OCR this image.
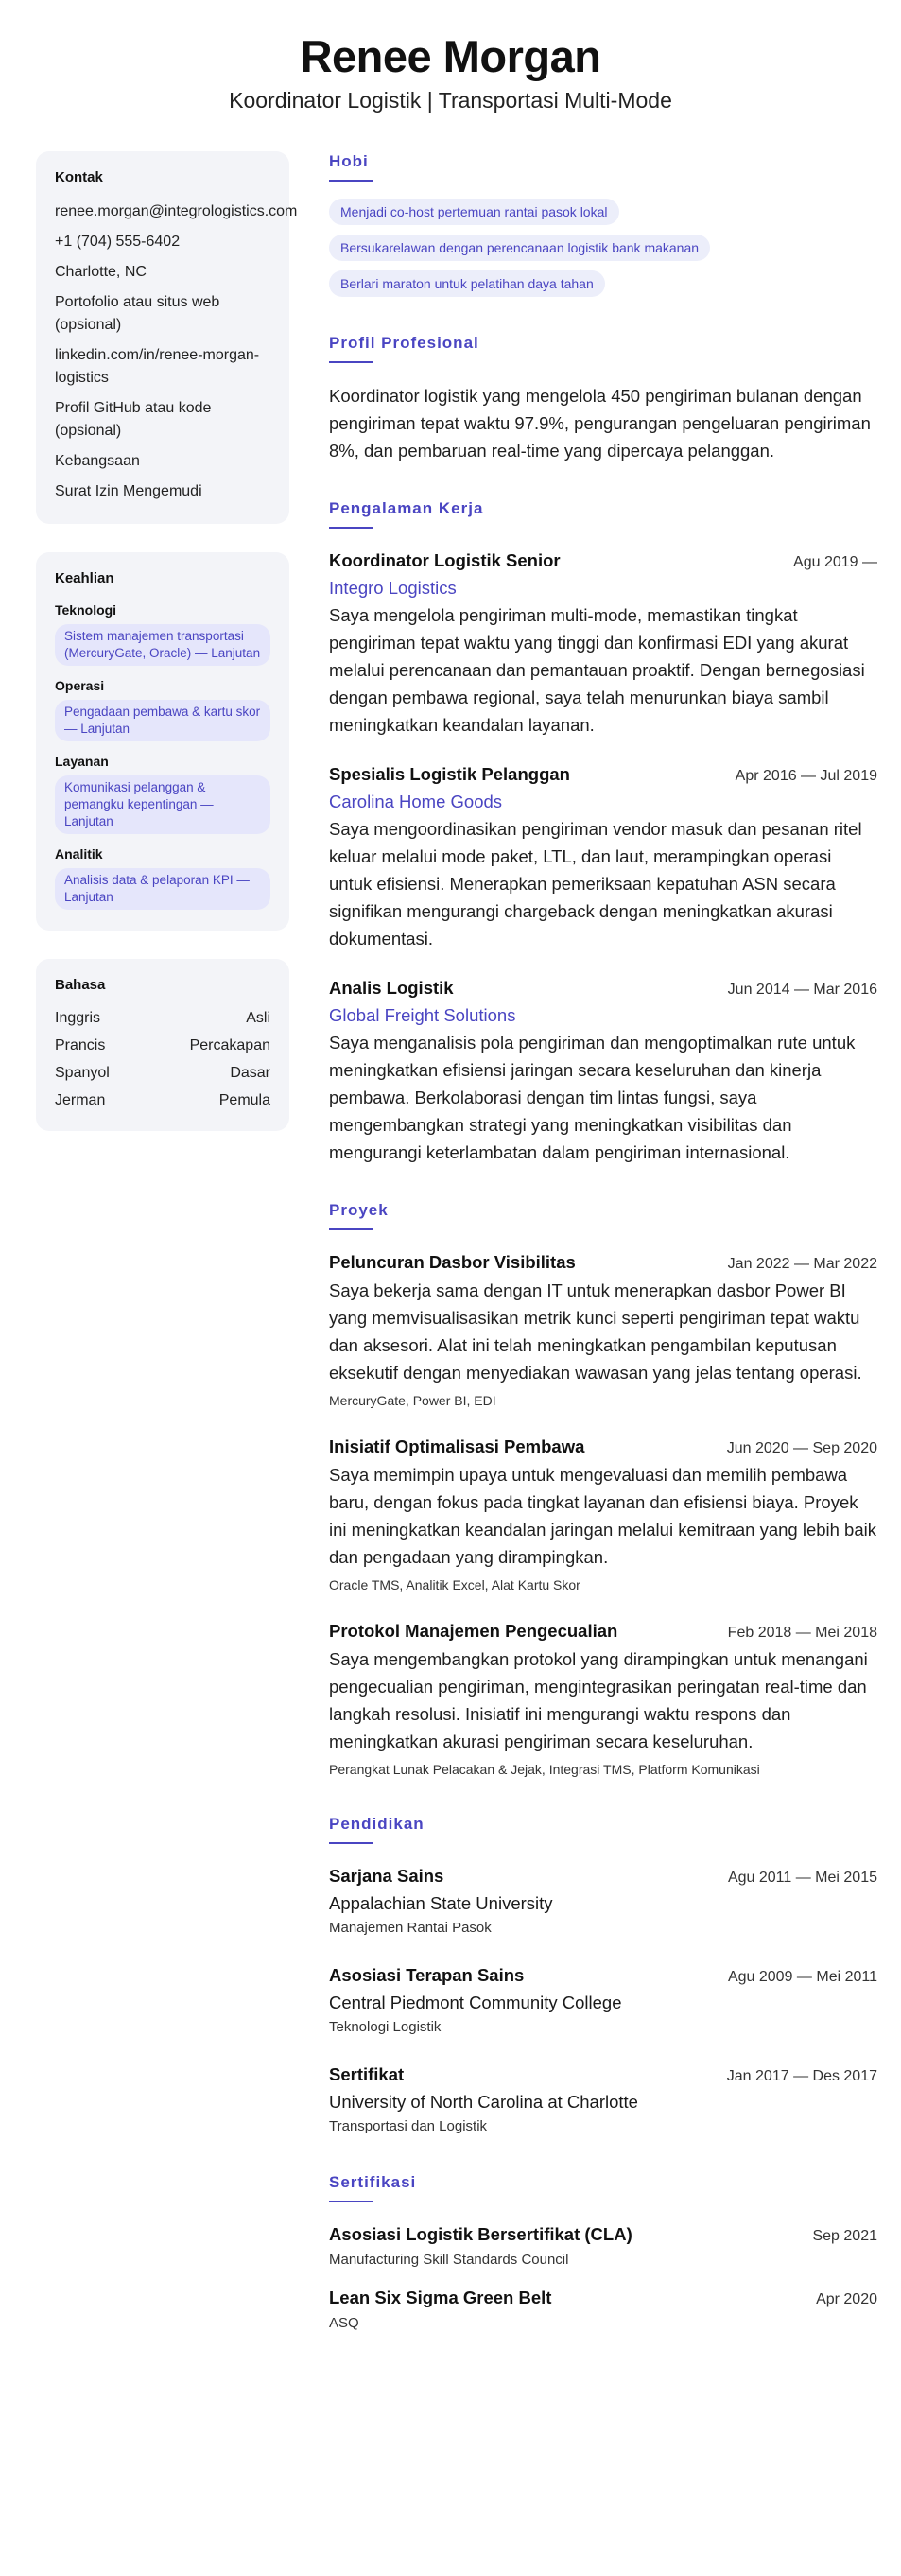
Renee Morgan
Koordinator Logistik | Transportasi Multi-Mode
Kontak
renee.morgan@integrologistics.com
+1 (704) 555-6402
Charlotte, NC
Portofolio atau situs web (opsional)
linkedin.com/in/renee-morgan-logistics
Profil GitHub atau kode (opsional)
Kebangsaan
Surat Izin Mengemudi
Keahlian
Teknologi
Sistem manajemen transportasi (MercuryGate, Oracle) — Lanjutan
Operasi
Pengadaan pembawa & kartu skor — Lanjutan
Layanan
Komunikasi pelanggan & pemangku kepentingan — Lanjutan
Analitik
Analisis data & pelaporan KPI — Lanjutan
Bahasa
Inggris	Asli
Prancis	Percakapan
Spanyol	Dasar
Jerman	Pemula
Hobi
Menjadi co-host pertemuan rantai pasok lokal
Bersukarelawan dengan perencanaan logistik bank makanan
Berlari maraton untuk pelatihan daya tahan
Profil Profesional
Koordinator logistik yang mengelola 450 pengiriman bulanan dengan pengiriman tepat waktu 97.9%, pengurangan pengeluaran pengiriman 8%, dan pembaruan real-time yang dipercaya pelanggan.
Pengalaman Kerja
Koordinator Logistik Senior	Agu 2019 —
Integro Logistics
Saya mengelola pengiriman multi-mode, memastikan tingkat pengiriman tepat waktu yang tinggi dan konfirmasi EDI yang akurat melalui perencanaan dan pemantauan proaktif. Dengan bernegosiasi dengan pembawa regional, saya telah menurunkan biaya sambil meningkatkan keandalan layanan.
Spesialis Logistik Pelanggan	Apr 2016 — Jul 2019
Carolina Home Goods
Saya mengoordinasikan pengiriman vendor masuk dan pesanan ritel keluar melalui mode paket, LTL, dan laut, merampingkan operasi untuk efisiensi. Menerapkan pemeriksaan kepatuhan ASN secara signifikan mengurangi chargeback dengan meningkatkan akurasi dokumentasi.
Analis Logistik	Jun 2014 — Mar 2016
Global Freight Solutions
Saya menganalisis pola pengiriman dan mengoptimalkan rute untuk meningkatkan efisiensi jaringan secara keseluruhan dan kinerja pembawa. Berkolaborasi dengan tim lintas fungsi, saya mengembangkan strategi yang meningkatkan visibilitas dan mengurangi keterlambatan dalam pengiriman internasional.
Proyek
Peluncuran Dasbor Visibilitas	Jan 2022 — Mar 2022
Saya bekerja sama dengan IT untuk menerapkan dasbor Power BI yang memvisualisasikan metrik kunci seperti pengiriman tepat waktu dan aksesori. Alat ini telah meningkatkan pengambilan keputusan eksekutif dengan menyediakan wawasan yang jelas tentang operasi.
MercuryGate, Power BI, EDI
Inisiatif Optimalisasi Pembawa	Jun 2020 — Sep 2020
Saya memimpin upaya untuk mengevaluasi dan memilih pembawa baru, dengan fokus pada tingkat layanan dan efisiensi biaya. Proyek ini meningkatkan keandalan jaringan melalui kemitraan yang lebih baik dan pengadaan yang dirampingkan.
Oracle TMS, Analitik Excel, Alat Kartu Skor
Protokol Manajemen Pengecualian	Feb 2018 — Mei 2018
Saya mengembangkan protokol yang dirampingkan untuk menangani pengecualian pengiriman, mengintegrasikan peringatan real-time dan langkah resolusi. Inisiatif ini mengurangi waktu respons dan meningkatkan akurasi pengiriman secara keseluruhan.
Perangkat Lunak Pelacakan & Jejak, Integrasi TMS, Platform Komunikasi
Pendidikan
Sarjana Sains	Agu 2011 — Mei 2015
Appalachian State University
Manajemen Rantai Pasok
Asosiasi Terapan Sains	Agu 2009 — Mei 2011
Central Piedmont Community College
Teknologi Logistik
Sertifikat	Jan 2017 — Des 2017
University of North Carolina at Charlotte
Transportasi dan Logistik
Sertifikasi
Asosiasi Logistik Bersertifikat (CLA)	Sep 2021
Manufacturing Skill Standards Council
Lean Six Sigma Green Belt	Apr 2020
ASQ
